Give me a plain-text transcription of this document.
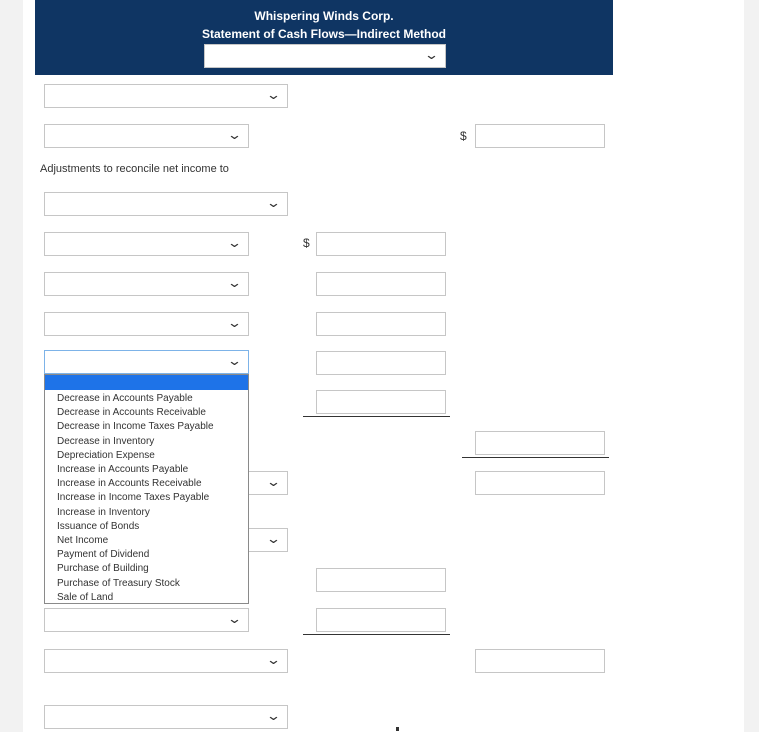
Whispering Winds Corp.
Statement of Cash Flows—Indirect Method
⌄
⌄
⌄	$
Adjustments to reconcile net income to
⌄
⌄	$
⌄
⌄
⌄
⌄
⌄
⌄
⌄
⌄
Decrease in Accounts Payable
Decrease in Accounts Receivable
Decrease in Income Taxes Payable
Decrease in Inventory
Depreciation Expense
Increase in Accounts Payable
Increase in Accounts Receivable
Increase in Income Taxes Payable
Increase in Inventory
Issuance of Bonds
Net Income
Payment of Dividend
Purchase of Building
Purchase of Treasury Stock
Sale of Land
